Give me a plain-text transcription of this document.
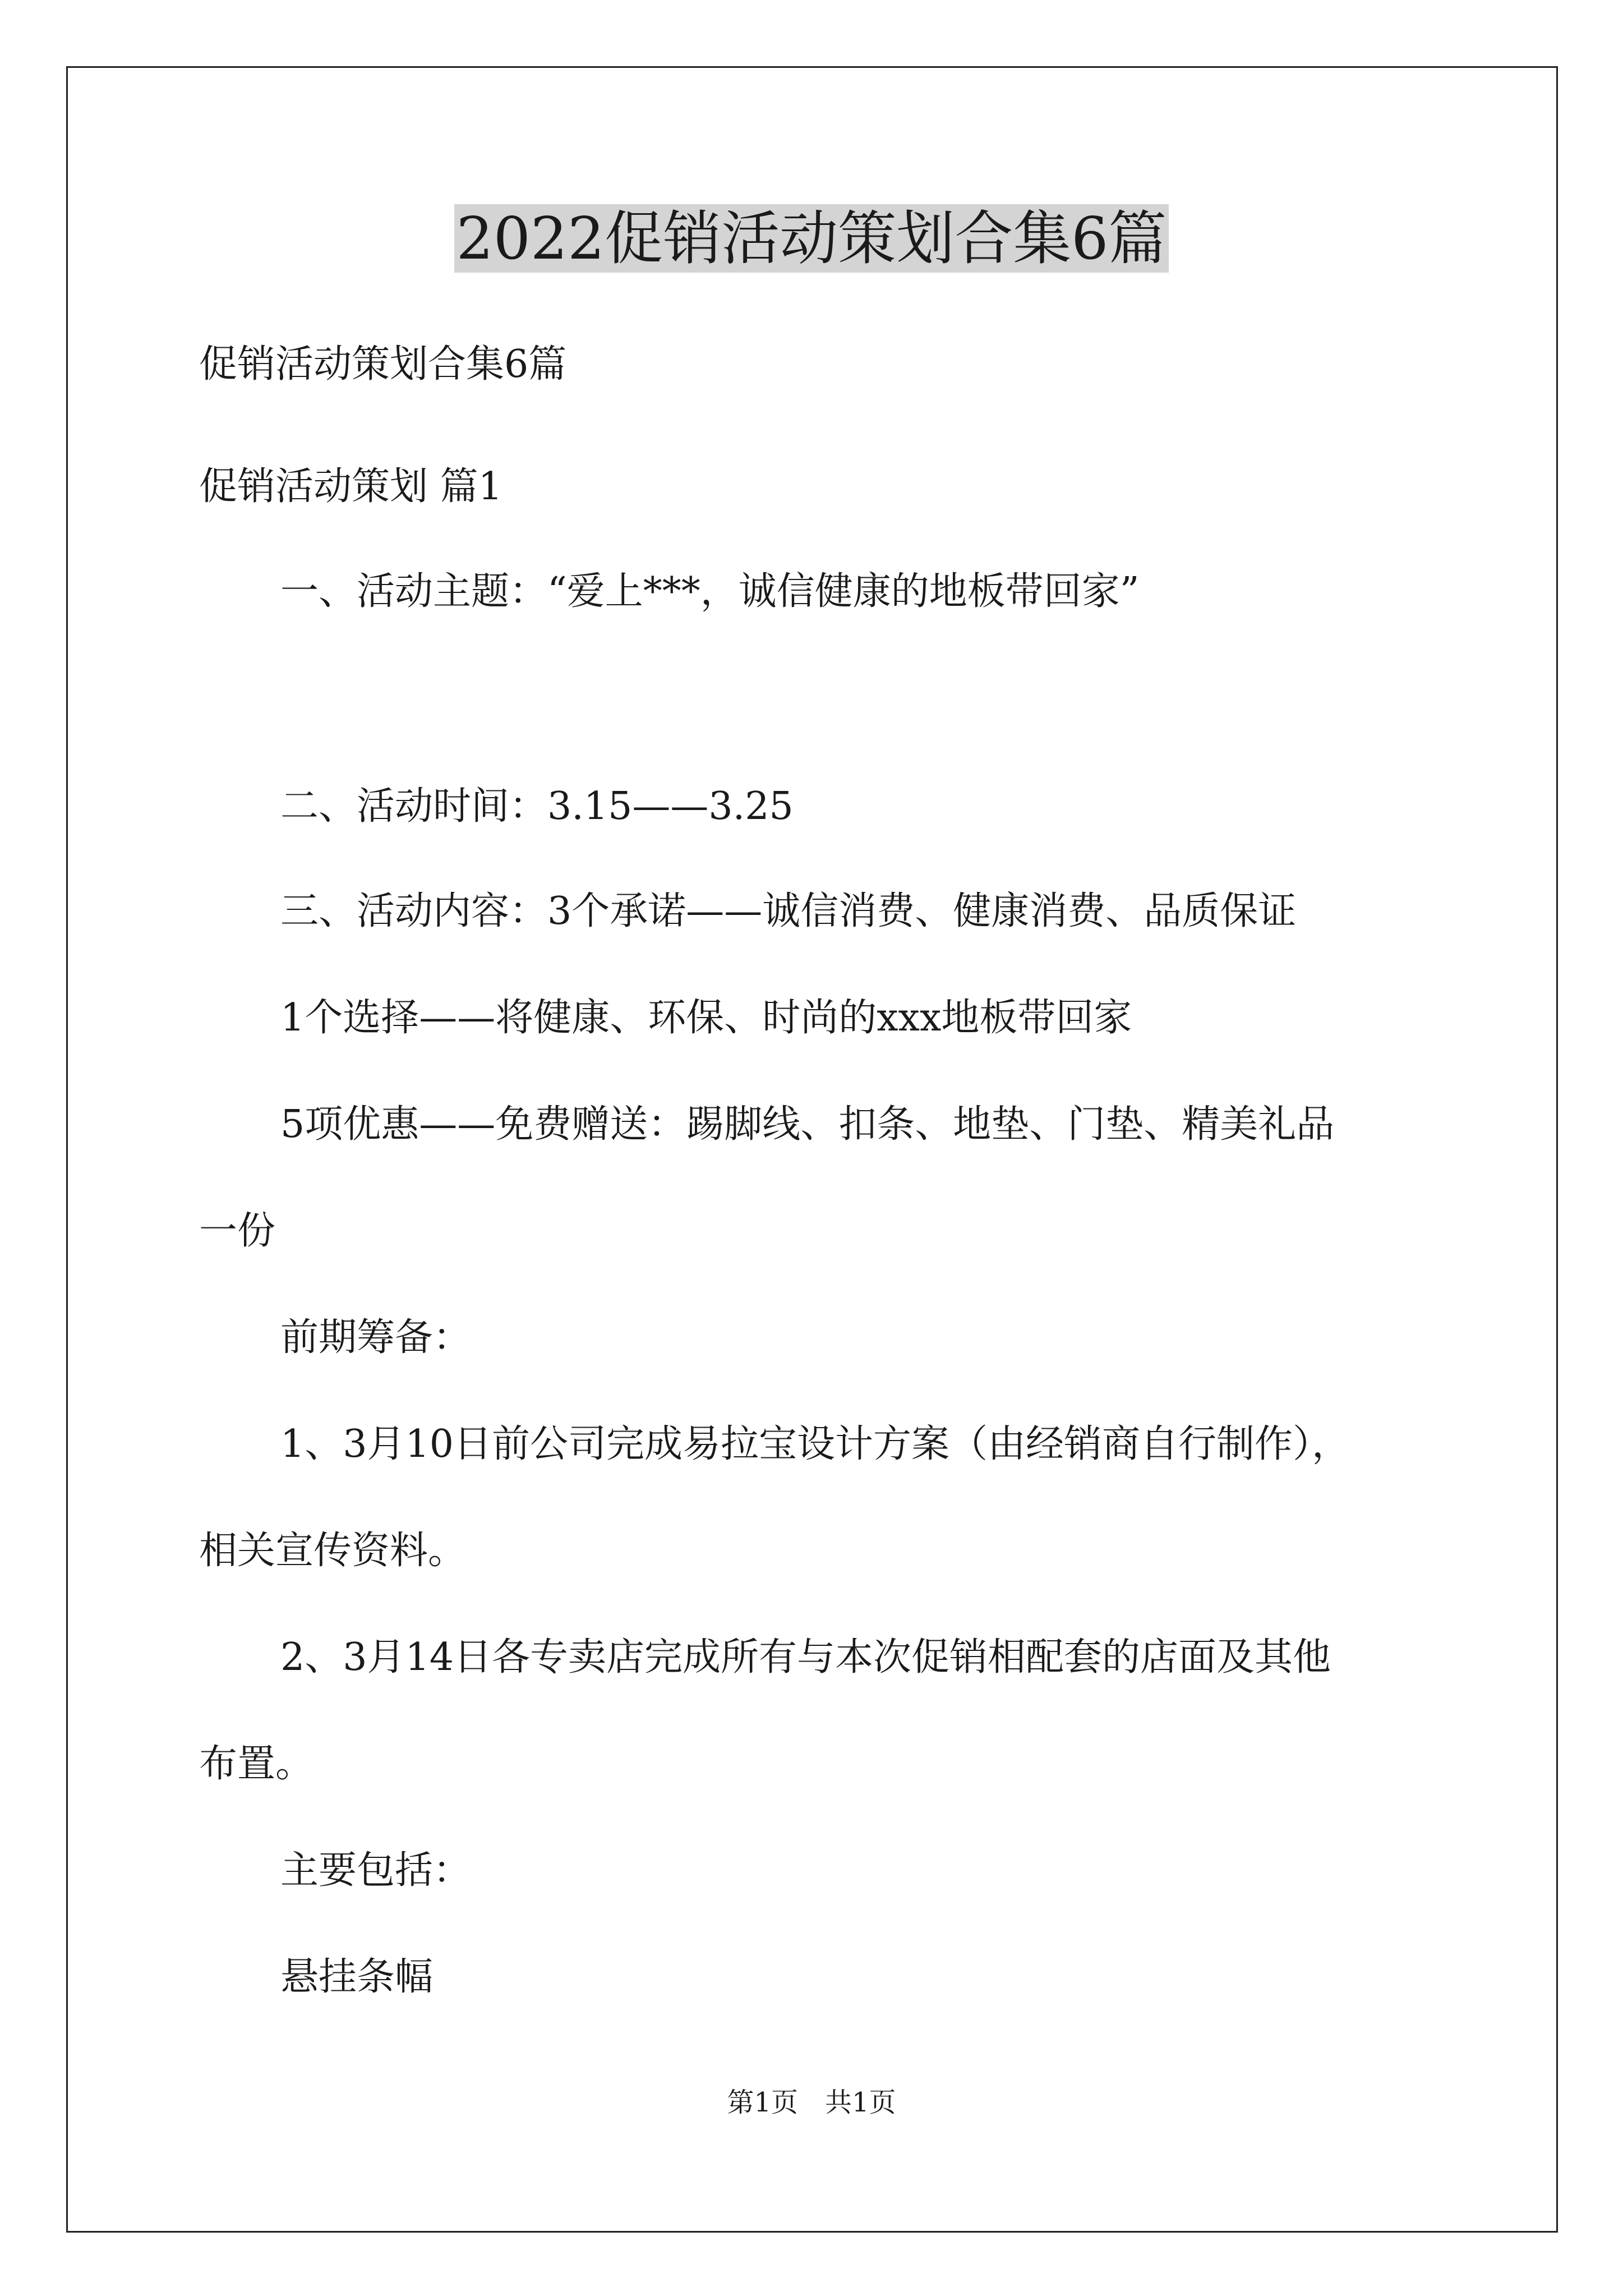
2022促销活动策划合集6篇

促销活动策划合集6篇

促销活动策划 篇1

一、活动主题：“爱上***，诚信健康的地板带回家”

二、活动时间：3.15——3.25

三、活动内容：3个承诺——诚信消费、健康消费、品质保证

1个选择——将健康、环保、时尚的xxx地板带回家

5项优惠——免费赠送：踢脚线、扣条、地垫、门垫、精美礼品

一份

前期筹备：

1、3月10日前公司完成易拉宝设计方案（由经销商自行制作），

相关宣传资料。

2、3月14日各专卖店完成所有与本次促销相配套的店面及其他

布置。

主要包括：

悬挂条幅

第1页　共1页
